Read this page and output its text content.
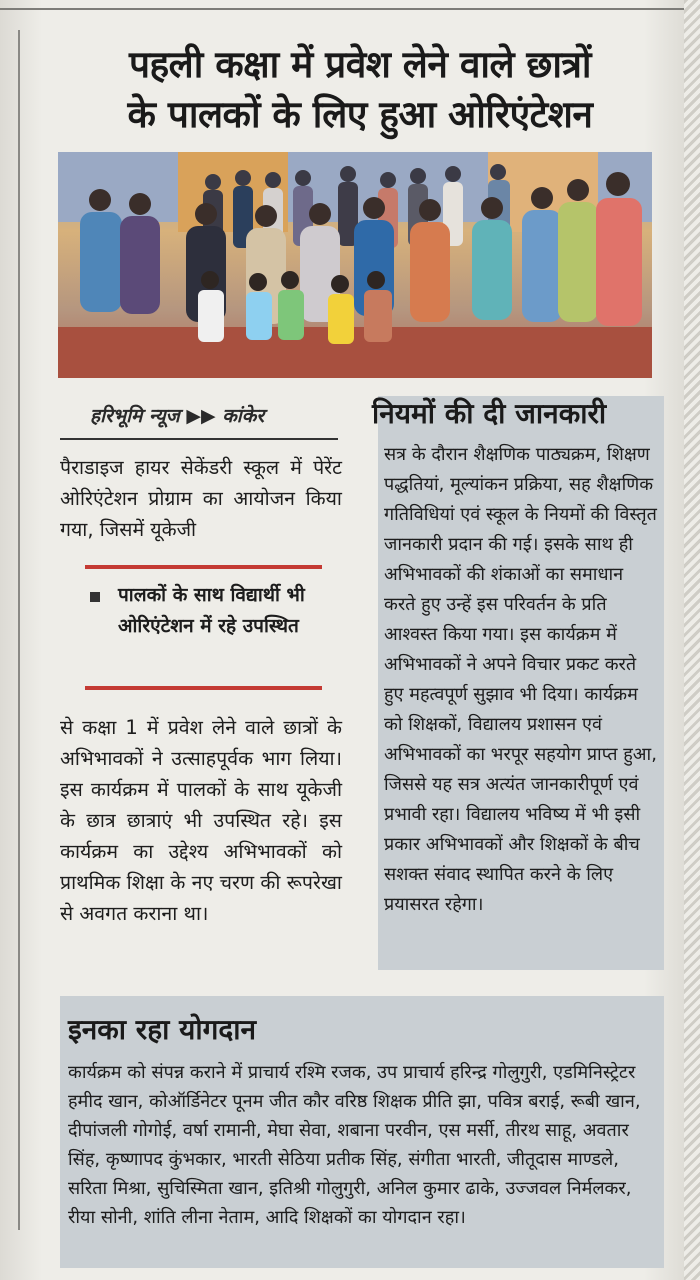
पहली कक्षा में प्रवेश लेने वाले छात्रों
के पालकों के लिए हुआ ओरिएंटेशन
हरिभूमि न्यूज ▶▶ कांकेर
पैराडाइज हायर सेकेंडरी स्कूल में पेरेंट ओरिएंटेशन प्रोग्राम का आयोजन किया गया, जिसमें यूकेजी
पालकों के साथ विद्यार्थी भी ओरिएंटेशन में रहे उपस्थित
से कक्षा 1 में प्रवेश लेने वाले छात्रों के अभिभावकों ने उत्साहपूर्वक भाग लिया। इस कार्यक्रम में पालकों के साथ यूकेजी के छात्र छात्राएं भी उपस्थित रहे। इस कार्यक्रम का उद्देश्य अभिभावकों को प्राथमिक शिक्षा के नए चरण की रूपरेखा से अवगत कराना था।
नियमों की दी जानकारी
सत्र के दौरान शैक्षणिक पाठ्यक्रम, शिक्षण पद्धतियां, मूल्यांकन प्रक्रिया, सह शैक्षणिक गतिविधियां एवं स्कूल के नियमों की विस्तृत जानकारी प्रदान की गई। इसके साथ ही अभिभावकों की शंकाओं का समाधान करते हुए उन्हें इस परिवर्तन के प्रति आश्वस्त किया गया। इस कार्यक्रम में अभिभावकों ने अपने विचार प्रकट करते हुए महत्वपूर्ण सुझाव भी दिया। कार्यक्रम को शिक्षकों, विद्यालय प्रशासन एवं अभिभावकों का भरपूर सहयोग प्राप्त हुआ, जिससे यह सत्र अत्यंत जानकारीपूर्ण एवं प्रभावी रहा। विद्यालय भविष्य में भी इसी प्रकार अभिभावकों और शिक्षकों के बीच सशक्त संवाद स्थापित करने के लिए प्रयासरत रहेगा।
इनका रहा योगदान
कार्यक्रम को संपन्न कराने में प्राचार्य रश्मि रजक, उप प्राचार्य हरिन्द्र गोलुगुरी, एडमिनिस्ट्रेटर हमीद खान, कोऑर्डिनेटर पूनम जीत कौर वरिष्ठ शिक्षक प्रीति झा, पवित्र बराई, रूबी खान, दीपांजली गोगोई, वर्षा रामानी, मेघा सेवा, शबाना परवीन, एस मर्सी, तीरथ साहू, अवतार सिंह, कृष्णापद कुंभकार, भारती सेठिया प्रतीक सिंह, संगीता भारती, जीतूदास माण्डले, सरिता मिश्रा, सुचिस्मिता खान, इतिश्री गोलुगुरी, अनिल कुमार ढाके, उज्जवल निर्मलकर, रीया सोनी, शांति लीना नेताम, आदि शिक्षकों का योगदान रहा।
